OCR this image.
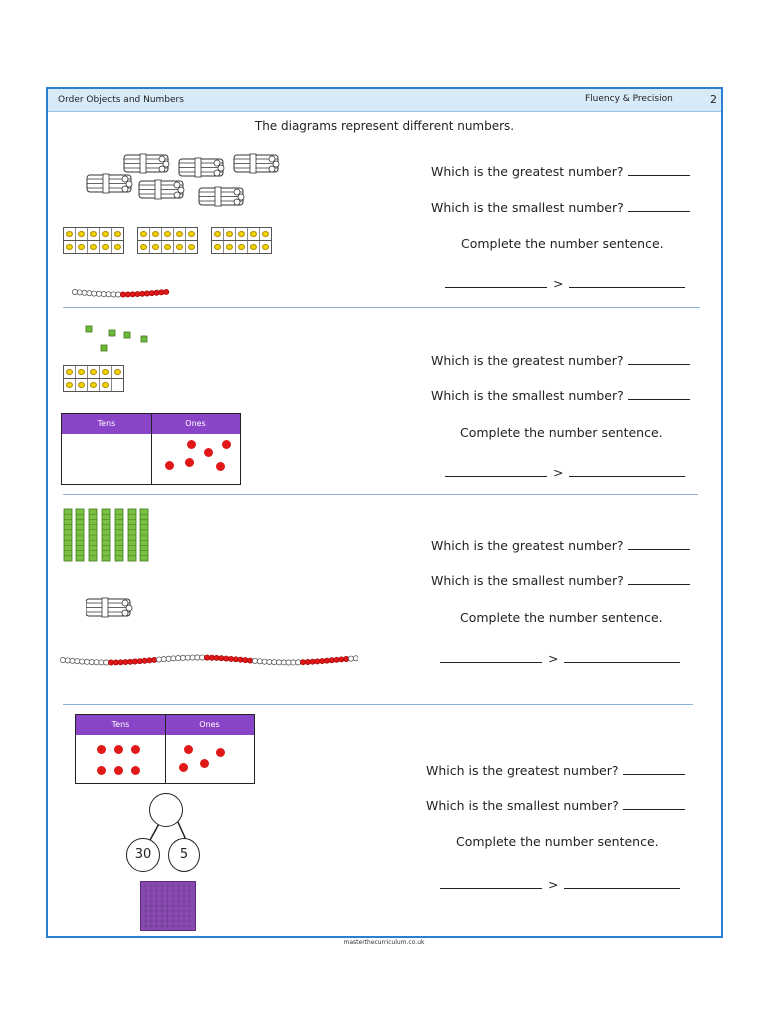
Order Objects and Numbers	Fluency & Precision	2
The diagrams represent different numbers.
Which is the greatest number?
Which is the smallest number?
Complete the number sentence.
>
Tens	Ones
Which is the greatest number?
Which is the smallest number?
Complete the number sentence.
>
Which is the greatest number?
Which is the smallest number?
Complete the number sentence.
>
Tens	Ones
30	5
Which is the greatest number?
Which is the smallest number?
Complete the number sentence.
>
masterthecurriculum.co.uk
